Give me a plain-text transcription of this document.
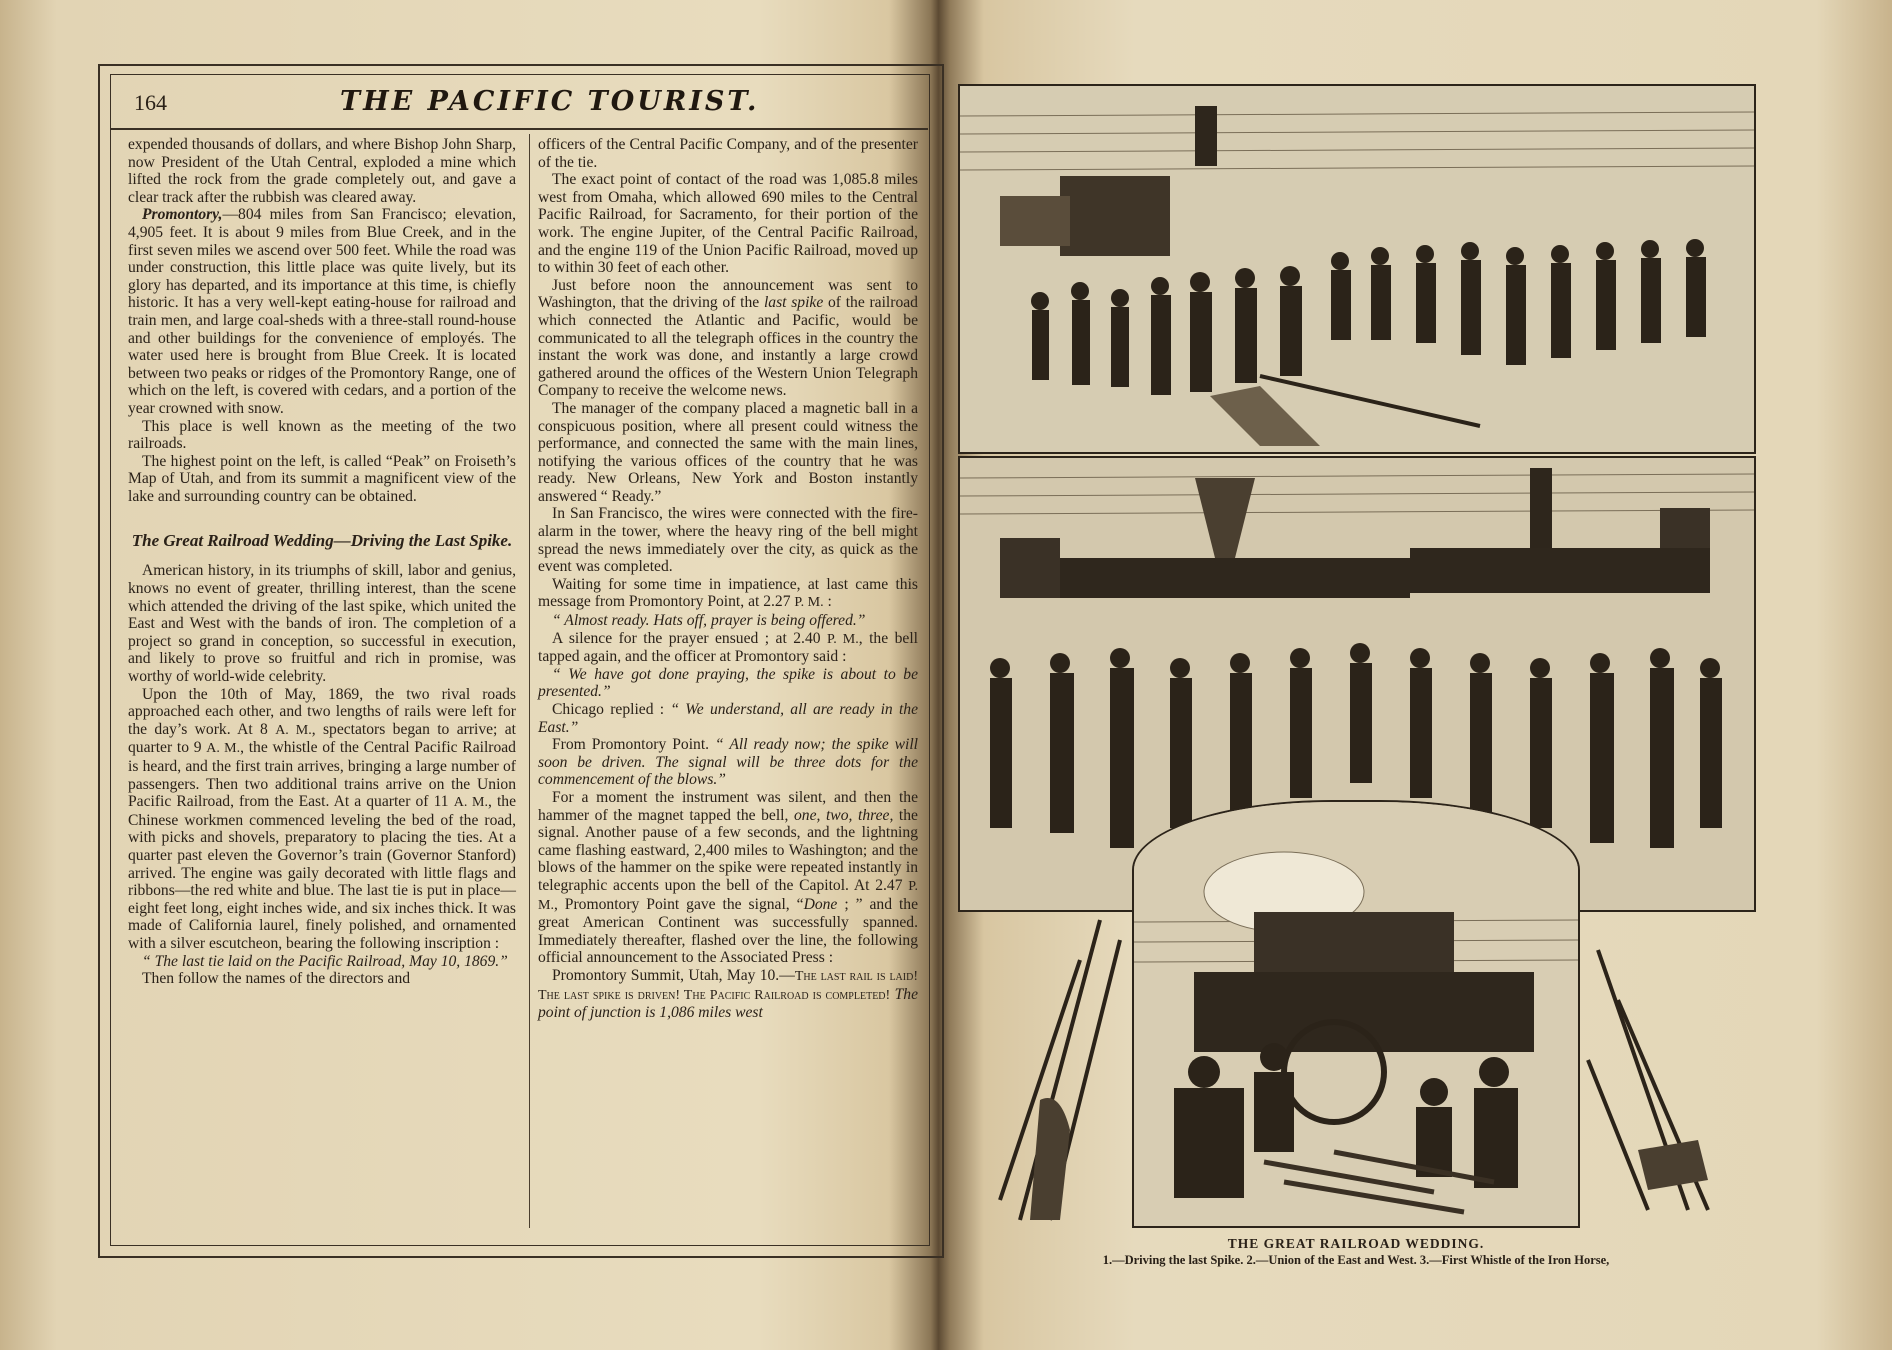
164	THE PACIFIC TOURIST.

expended thousands of dollars, and where Bishop John Sharp, now President of the Utah Central, exploded a mine which lifted the rock from the grade completely out, and gave a clear track after the rubbish was cleared away.

Promontory,—804 miles from San Francisco; elevation, 4,905 feet. It is about 9 miles from Blue Creek, and in the first seven miles we ascend over 500 feet. While the road was under construction, this little place was quite lively, but its glory has departed, and its importance at this time, is chiefly historic. It has a very well-kept eating-house for railroad and train men, and large coal-sheds with a three-stall round-house and other buildings for the convenience of employés. The water used here is brought from Blue Creek. It is located between two peaks or ridges of the Promontory Range, one of which on the left, is covered with cedars, and a portion of the year crowned with snow.

This place is well known as the meeting of the two railroads.

The highest point on the left, is called “Peak” on Froiseth’s Map of Utah, and from its summit a magnificent view of the lake and surrounding country can be obtained.

The Great Railroad Wedding—Driving the Last Spike.

American history, in its triumphs of skill, labor and genius, knows no event of greater, thrilling interest, than the scene which attended the driving of the last spike, which united the East and West with the bands of iron. The completion of a project so grand in conception, so successful in execution, and likely to prove so fruitful and rich in promise, was worthy of world-wide celebrity.

Upon the 10th of May, 1869, the two rival roads approached each other, and two lengths of rails were left for the day’s work. At 8 A. M., spectators began to arrive; at quarter to 9 A. M., the whistle of the Central Pacific Railroad is heard, and the first train arrives, bringing a large number of passengers. Then two additional trains arrive on the Union Pacific Railroad, from the East. At a quarter of 11 A. M., the Chinese workmen commenced leveling the bed of the road, with picks and shovels, preparatory to placing the ties. At a quarter past eleven the Governor’s train (Governor Stanford) arrived. The engine was gaily decorated with little flags and ribbons—the red white and blue. The last tie is put in place—eight feet long, eight inches wide, and six inches thick. It was made of California laurel, finely polished, and ornamented with a silver escutcheon, bearing the following inscription :

“ The last tie laid on the Pacific Railroad, May 10, 1869.”

Then follow the names of the directors and

officers of the Central Pacific Company, and of the presenter of the tie.

The exact point of contact of the road was 1,085.8 miles west from Omaha, which allowed 690 miles to the Central Pacific Railroad, for Sacramento, for their portion of the work. The engine Jupiter, of the Central Pacific Railroad, and the engine 119 of the Union Pacific Railroad, moved up to within 30 feet of each other.

Just before noon the announcement was sent to Washington, that the driving of the last spike of the railroad which connected the Atlantic and Pacific, would be communicated to all the telegraph offices in the country the instant the work was done, and instantly a large crowd gathered around the offices of the Western Union Telegraph Company to receive the welcome news.

The manager of the company placed a magnetic ball in a conspicuous position, where all present could witness the performance, and connected the same with the main lines, notifying the various offices of the country that he was ready. New Orleans, New York and Boston instantly answered “ Ready.”

In San Francisco, the wires were connected with the fire-alarm in the tower, where the heavy ring of the bell might spread the news immediately over the city, as quick as the event was completed.

Waiting for some time in impatience, at last came this message from Promontory Point, at 2.27 P. M. :

“ Almost ready. Hats off, prayer is being offered.”

A silence for the prayer ensued ; at 2.40 P. M., the bell tapped again, and the officer at Promontory said :

“ We have got done praying, the spike is about to be presented.”

Chicago replied : “ We understand, all are ready in the East.”

From Promontory Point. “ All ready now; the spike will soon be driven. The signal will be three dots for the commencement of the blows.”

For a moment the instrument was silent, and then the hammer of the magnet tapped the bell, one, two, three, the signal. Another pause of a few seconds, and the lightning came flashing eastward, 2,400 miles to Washington; and the blows of the hammer on the spike were repeated instantly in telegraphic accents upon the bell of the Capitol. At 2.47 P. M., Promontory Point gave the signal, “Done ; ” and the great American Continent was successfully spanned. Immediately thereafter, flashed over the line, the following official announcement to the Associated Press :

Promontory Summit, Utah, May 10.—The last rail is laid! The last spike is driven! The Pacific Railroad is completed! The point of junction is 1,086 miles west

THE GREAT RAILROAD WEDDING.
1.—Driving the last Spike. 2.—Union of the East and West. 3.—First Whistle of the Iron Horse,
